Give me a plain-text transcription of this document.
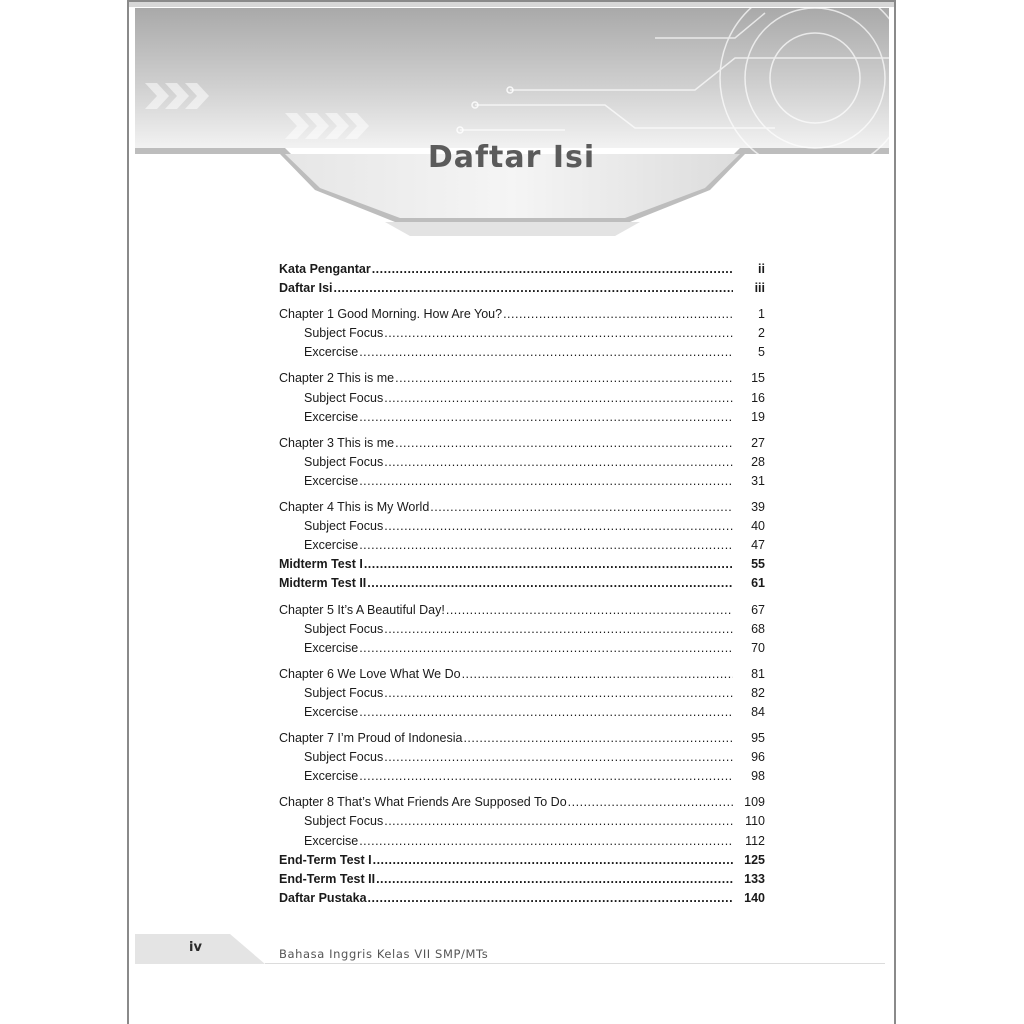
Daftar Isi
Kata Pengantar .....	ii
Daftar Isi .....	iii
Chapter 1 Good Morning. How Are You? .....	1
Subject Focus .....	2
Excercise .....	5
Chapter 2 This is me .....	15
Subject Focus .....	16
Excercise .....	19
Chapter 3 This is me .....	27
Subject Focus .....	28
Excercise .....	31
Chapter 4 This is My World .....	39
Subject Focus .....	40
Excercise .....	47
Midterm Test I .....	55
Midterm Test II .....	61
Chapter 5 It’s A Beautiful Day! .....	67
Subject Focus .....	68
Excercise .....	70
Chapter 6 We Love What We Do .....	81
Subject Focus .....	82
Excercise .....	84
Chapter 7 I’m Proud of Indonesia .....	95
Subject Focus .....	96
Excercise .....	98
Chapter 8 That’s What Friends Are Supposed To Do .....	109
Subject Focus .....	110
Excercise .....	112
End-Term Test I .....	125
End-Term Test II .....	133
Daftar Pustaka .....	140
iv	Bahasa Inggris Kelas VII SMP/MTs
